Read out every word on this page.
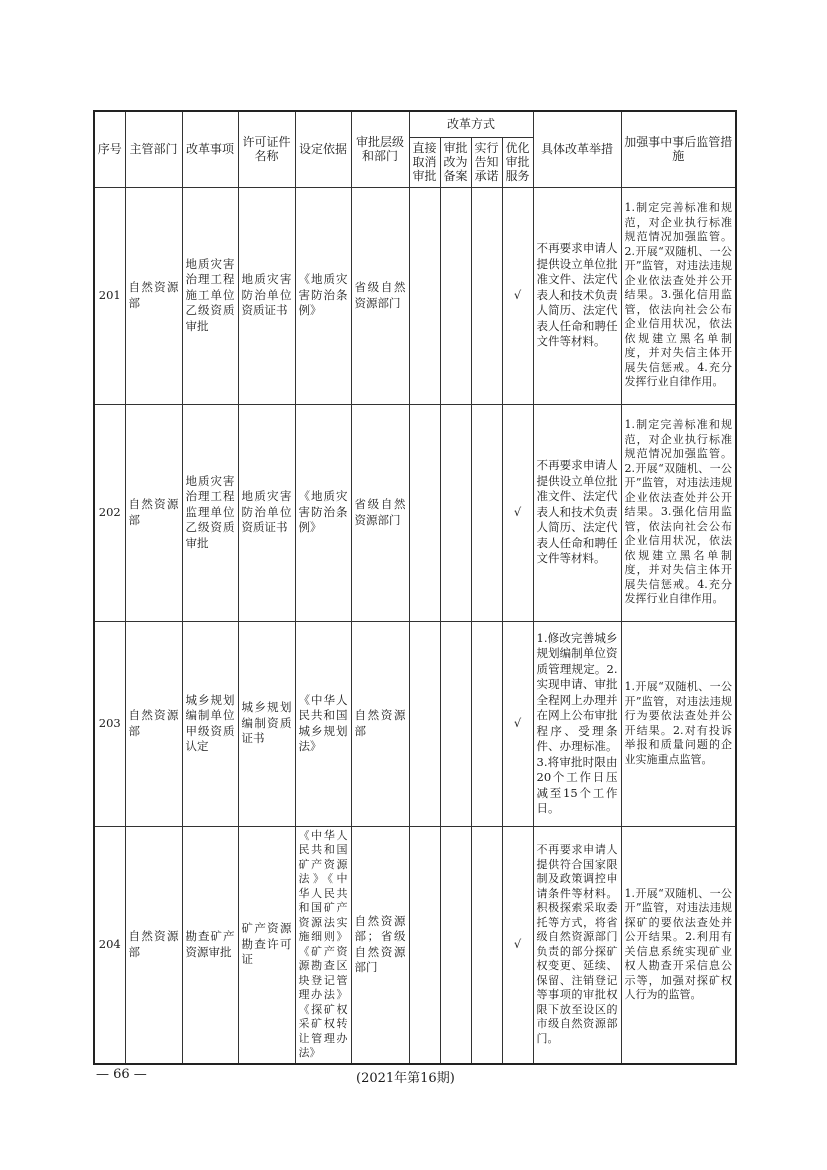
序号	主管部门	改革事项	许可证件名称	设定依据	审批层级和部门	改革方式				具体改革举措	加强事中事后监管措施
						直接取消审批	审批改为备案	实行告知承诺	优化审批服务		
201	自然资源部	地质灾害治理工程施工单位乙级资质审批	地质灾害防治单位资质证书	《地质灾害防治条例》	省级自然资源部门				√	不再要求申请人提供设立单位批准文件、法定代表人和技术负责人简历、法定代表人任命和聘任文件等材料。	1.制定完善标准和规范，对企业执行标准规范情况加强监管。2.开展“双随机、一公开”监管，对违法违规企业依法查处并公开结果。3.强化信用监管，依法向社会公布企业信用状况，依法依规建立黑名单制度，并对失信主体开展失信惩戒。4.充分发挥行业自律作用。
202	自然资源部	地质灾害治理工程监理单位乙级资质审批	地质灾害防治单位资质证书	《地质灾害防治条例》	省级自然资源部门				√	不再要求申请人提供设立单位批准文件、法定代表人和技术负责人简历、法定代表人任命和聘任文件等材料。	1.制定完善标准和规范，对企业执行标准规范情况加强监管。2.开展“双随机、一公开”监管，对违法违规企业依法查处并公开结果。3.强化信用监管，依法向社会公布企业信用状况，依法依规建立黑名单制度，并对失信主体开展失信惩戒。4.充分发挥行业自律作用。
203	自然资源部	城乡规划编制单位甲级资质认定	城乡规划编制资质证书	《中华人民共和国城乡规划法》	自然资源部				√	1.修改完善城乡规划编制单位资质管理规定。2.实现申请、审批全程网上办理并在网上公布审批程序、受理条件、办理标准。3.将审批时限由20个工作日压减至15个工作日。	1.开展“双随机、一公开”监管，对违法违规行为要依法查处并公开结果。2.对有投诉举报和质量问题的企业实施重点监管。
204	自然资源部	勘查矿产资源审批	矿产资源勘查许可证	《中华人民共和国矿产资源法》《中华人民共和国矿产资源法实施细则》《矿产资源勘查区块登记管理办法》《探矿权采矿权转让管理办法》	自然资源部；省级自然资源部门				√	不再要求申请人提供符合国家限制及政策调控申请条件等材料。积极探索采取委托等方式，将省级自然资源部门负责的部分探矿权变更、延续、保留、注销登记等事项的审批权限下放至设区的市级自然资源部门。	1.开展“双随机、一公开”监管，对违法违规探矿的要依法查处并公开结果。2.利用有关信息系统实现矿业权人勘查开采信息公示等，加强对探矿权人行为的监管。
— 66 —	(2021年第16期)
